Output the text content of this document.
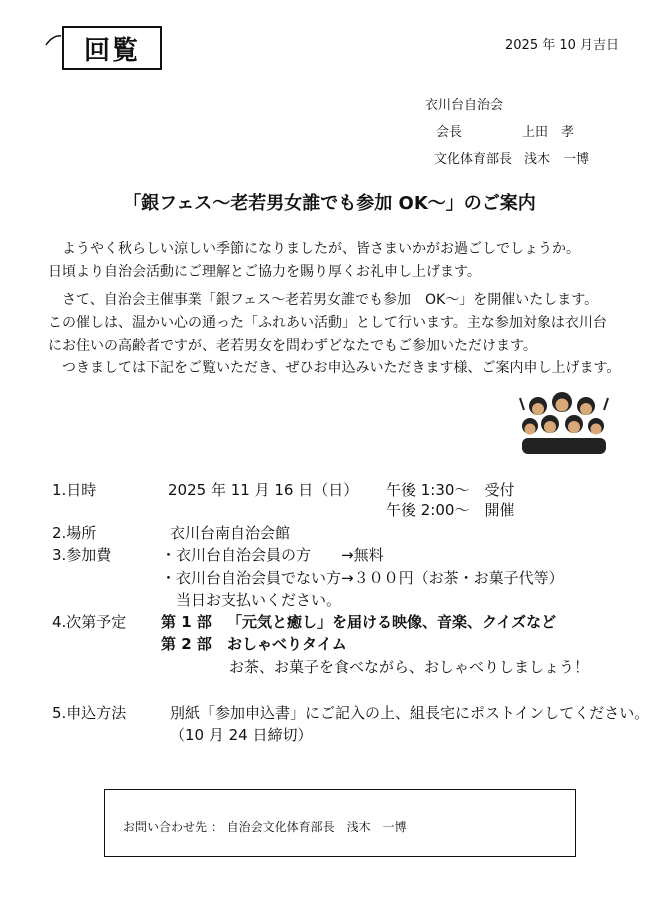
回覧	2025 年 10 月吉日
衣川台自治会
会長	上田　孝
文化体育部長 浅木　一博
「銀フェス～老若男女誰でも参加 OK～」のご案内
　ようやく秋らしい涼しい季節になりましたが、皆さまいかがお過ごしでしょうか。
日頃より自治会活動にご理解とご協力を賜り厚くお礼申し上げます。
　さて、自治会主催事業「銀フェス～老若男女誰でも参加　OK～」を開催いたします。
この催しは、温かい心の通った「ふれあい活動」として行います。主な参加対象は衣川台
にお住いの高齢者ですが、老若男女を問わずどなたでもご参加いただけます。
　つきましては下記をご覧いただき、ぜひお申込みいただきます様、ご案内申し上げます。
1.日時	2025 年 11 月 16 日（日） 午後 1:30～　受付
午後 2:00～　開催
2.場所	衣川台南自治会館
3.参加費	・衣川台自治会員の方　　→無料
・衣川台自治会員でない方→３００円（お茶・お菓子代等）
当日お支払いください。
4.次第予定 第 1 部 「元気と癒し」を届ける映像、音楽、クイズなど
第 2 部 おしゃべりタイム
お茶、お菓子を食べながら、おしゃべりしましょう！
5.申込方法	別紙「参加申込書」にご記入の上、組長宅にポストインしてください。
（10 月 24 日締切）
お問い合わせ先 ： 自治会文化体育部長　浅木　一博
